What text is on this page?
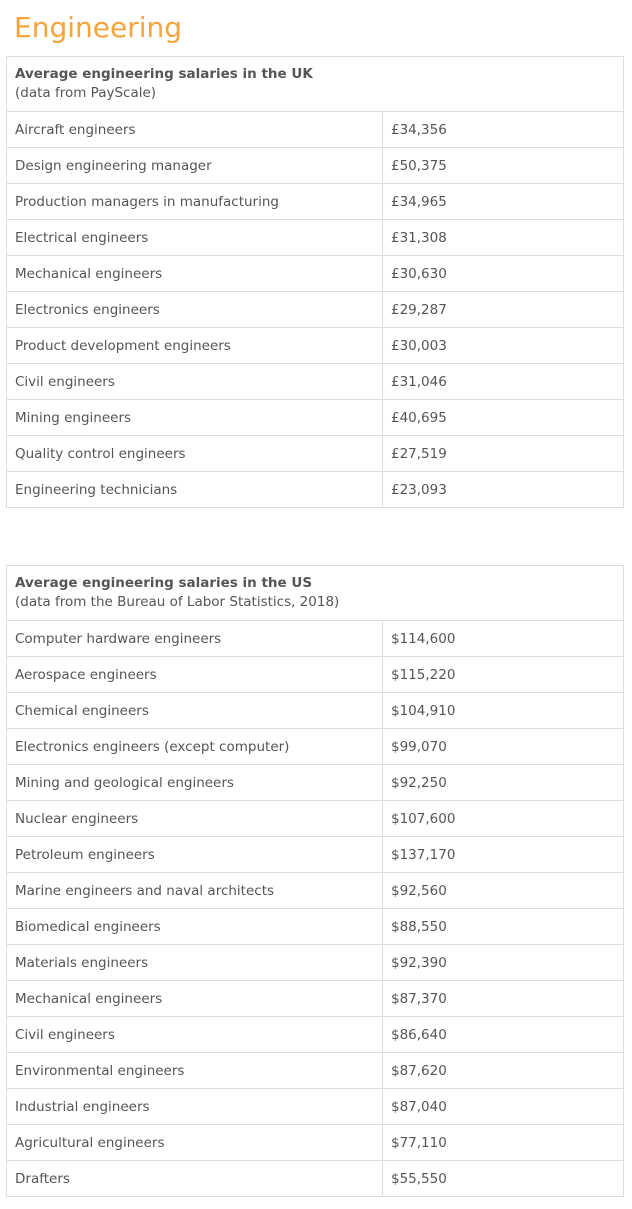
Engineering
Average engineering salaries in the UK
(data from PayScale)	

Aircraft engineers	£34,356
Design engineering manager	£50,375
Production managers in manufacturing	£34,965
Electrical engineers	£31,308
Mechanical engineers	£30,630
Electronics engineers	£29,287
Product development engineers	£30,003
Civil engineers	£31,046
Mining engineers	£40,695
Quality control engineers	£27,519
Engineering technicians	£23,093
Average engineering salaries in the US
(data from the Bureau of Labor Statistics, 2018)	

Computer hardware engineers	$114,600
Aerospace engineers	$115,220
Chemical engineers	$104,910
Electronics engineers (except computer)	$99,070
Mining and geological engineers	$92,250
Nuclear engineers	$107,600
Petroleum engineers	$137,170
Marine engineers and naval architects	$92,560
Biomedical engineers	$88,550
Materials engineers	$92,390
Mechanical engineers	$87,370
Civil engineers	$86,640
Environmental engineers	$87,620
Industrial engineers	$87,040
Agricultural engineers	$77,110
Drafters	$55,550
